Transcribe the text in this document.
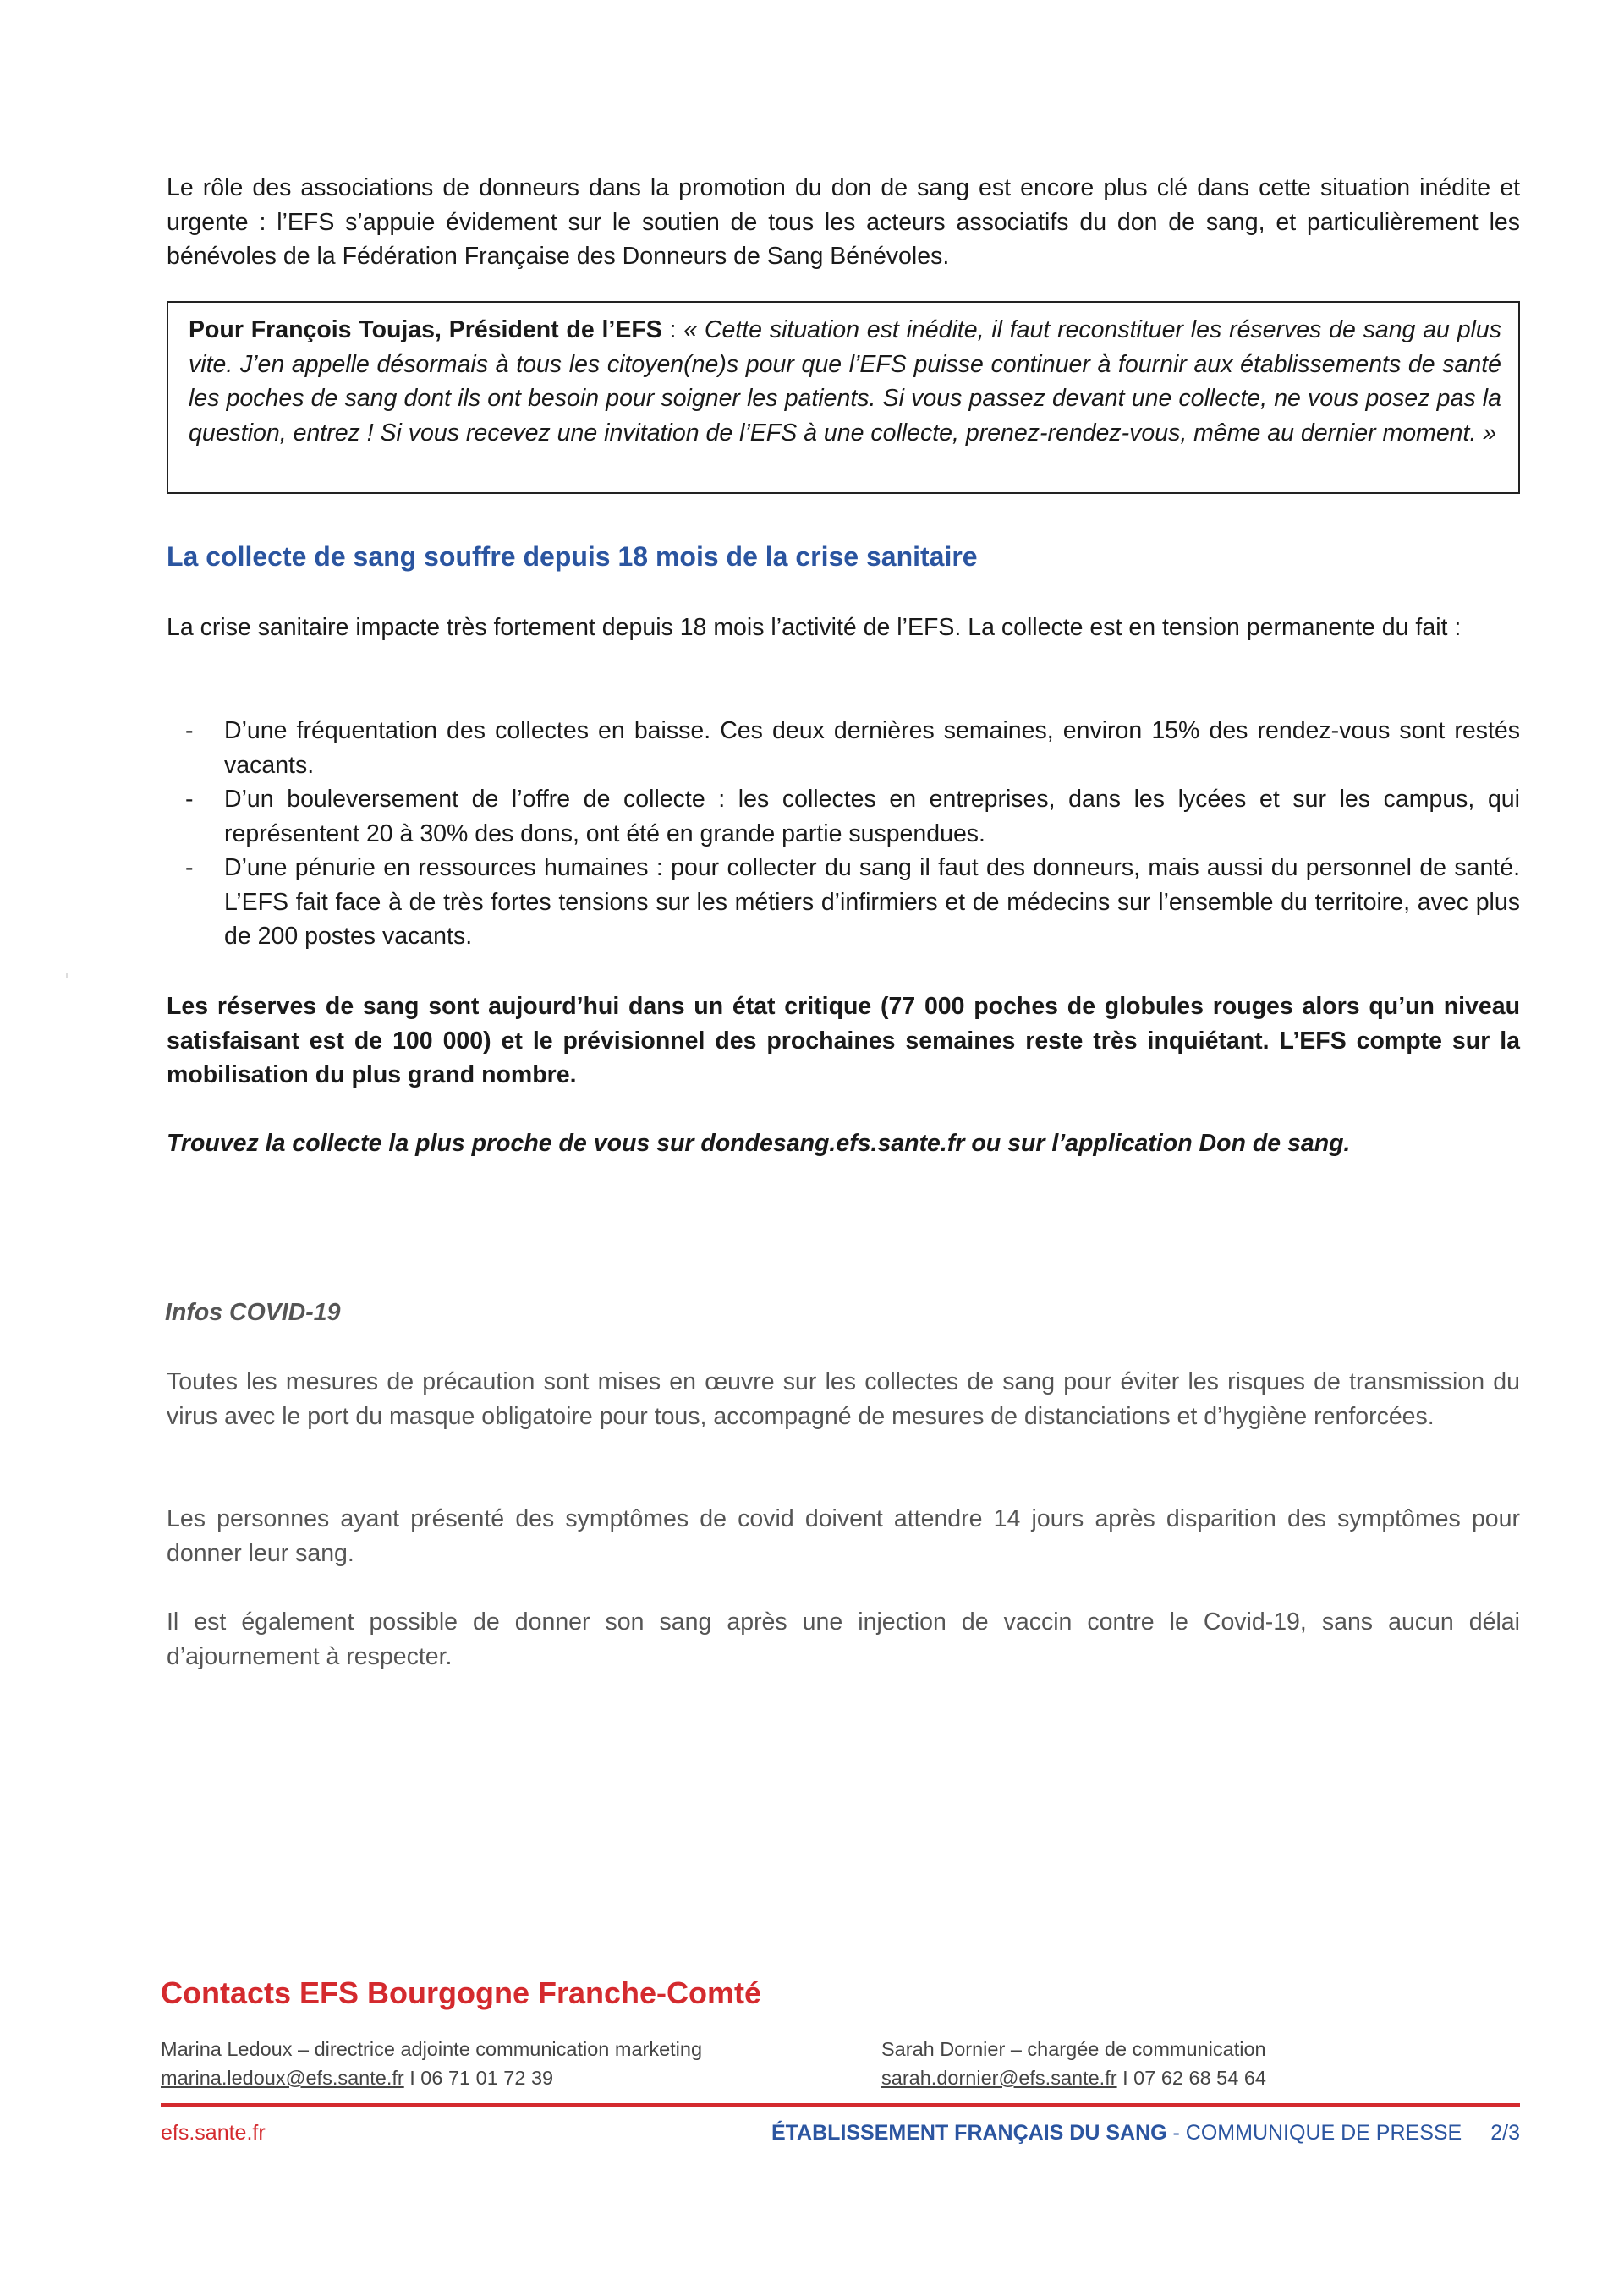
Le rôle des associations de donneurs dans la promotion du don de sang est encore plus clé dans cette situation inédite et urgente : l’EFS s’appuie évidement sur le soutien de tous les acteurs associatifs du don de sang, et particulièrement les bénévoles de la Fédération Française des Donneurs de Sang Bénévoles.

Pour François Toujas, Président de l’EFS : « Cette situation est inédite, il faut reconstituer les réserves de sang au plus vite. J’en appelle désormais à tous les citoyen(ne)s pour que l’EFS puisse continuer à fournir aux établissements de santé les poches de sang dont ils ont besoin pour soigner les patients. Si vous passez devant une collecte, ne vous posez pas la question, entrez ! Si vous recevez une invitation de l’EFS à une collecte, prenez-rendez-vous, même au dernier moment. »
La collecte de sang souffre depuis 18 mois de la crise sanitaire

La crise sanitaire impacte très fortement depuis 18 mois l’activité de l’EFS. La collecte est en tension permanente du fait :

- D’une fréquentation des collectes en baisse. Ces deux dernières semaines, environ 15% des rendez-vous sont restés vacants.
- D’un bouleversement de l’offre de collecte : les collectes en entreprises, dans les lycées et sur les campus, qui représentent 20 à 30% des dons, ont été en grande partie suspendues.
- D’une pénurie en ressources humaines : pour collecter du sang il faut des donneurs, mais aussi du personnel de santé. L’EFS fait face à de très fortes tensions sur les métiers d’infirmiers et de médecins sur l’ensemble du territoire, avec plus de 200 postes vacants.

Les réserves de sang sont aujourd’hui dans un état critique (77 000 poches de globules rouges alors qu’un niveau satisfaisant est de 100 000) et le prévisionnel des prochaines semaines reste très inquiétant. L’EFS compte sur la mobilisation du plus grand nombre.

Trouvez la collecte la plus proche de vous sur dondesang.efs.sante.fr ou sur l’application Don de sang.

Infos COVID-19

Toutes les mesures de précaution sont mises en œuvre sur les collectes de sang pour éviter les risques de transmission du virus avec le port du masque obligatoire pour tous, accompagné de mesures de distanciations et d’hygiène renforcées.

Les personnes ayant présenté des symptômes de covid doivent attendre 14 jours après disparition des symptômes pour donner leur sang.

Il est également possible de donner son sang après une injection de vaccin contre le Covid-19, sans aucun délai d’ajournement à respecter.

Contacts EFS Bourgogne Franche-Comté
Marina Ledoux – directrice adjointe communication marketing
marina.ledoux@efs.sante.fr I 06 71 01 72 39
Sarah Dornier – chargée de communication
sarah.dornier@efs.sante.fr I 07 62 68 54 64

efs.sante.fr	ÉTABLISSEMENT FRANÇAIS DU SANG - COMMUNIQUE DE PRESSE 2/3
